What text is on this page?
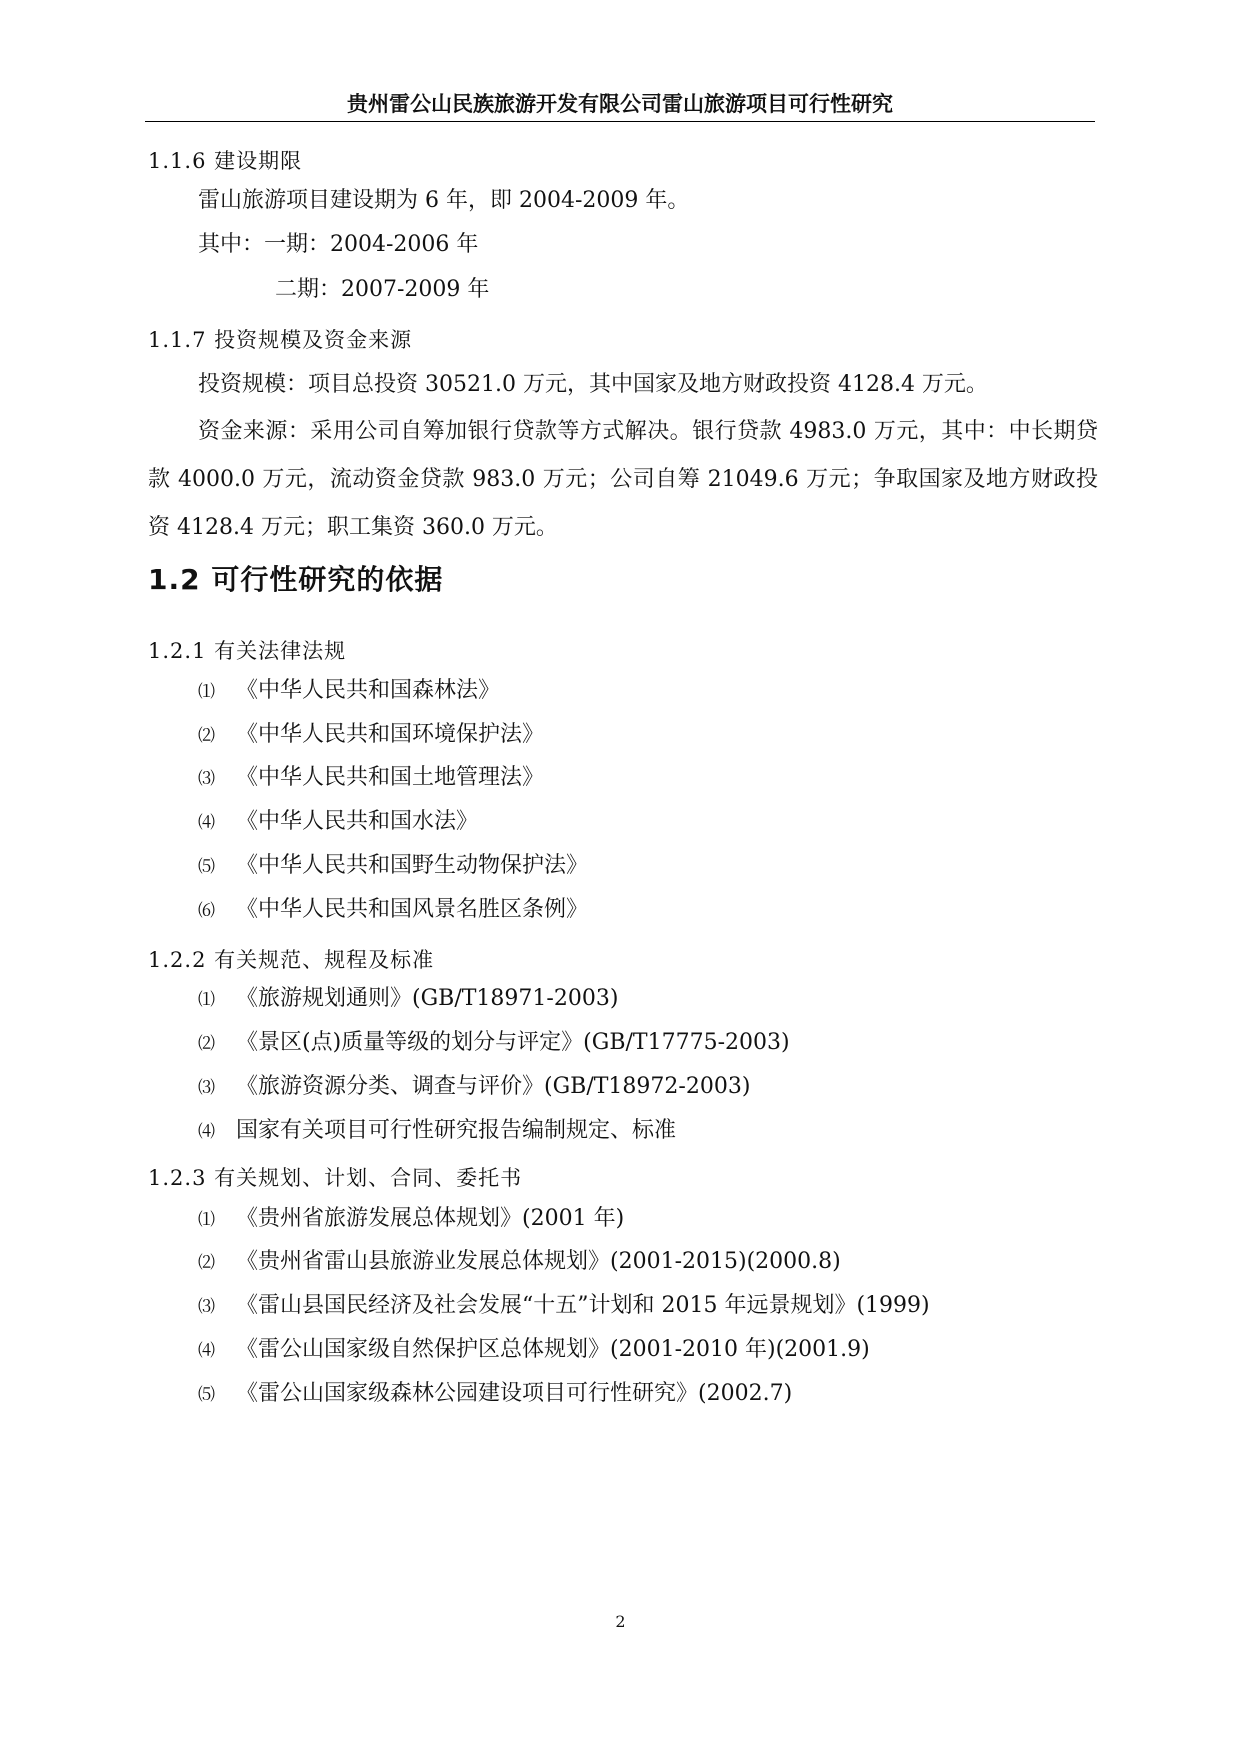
贵州雷公山民族旅游开发有限公司雷山旅游项目可行性研究
1.1.6 建设期限
雷山旅游项目建设期为 6 年，即 2004-2009 年。
其中：一期：2004-2006 年
二期：2007-2009 年
1.1.7 投资规模及资金来源
投资规模：项目总投资 30521.0 万元，其中国家及地方财政投资 4128.4 万元。
资金来源：采用公司自筹加银行贷款等方式解决。银行贷款 4983.0 万元，其中：中长期贷款 4000.0 万元，流动资金贷款 983.0 万元；公司自筹 21049.6 万元；争取国家及地方财政投资 4128.4 万元；职工集资 360.0 万元。
1.2 可行性研究的依据
1.2.1 有关法律法规
⑴ 《中华人民共和国森林法》
⑵ 《中华人民共和国环境保护法》
⑶ 《中华人民共和国土地管理法》
⑷ 《中华人民共和国水法》
⑸ 《中华人民共和国野生动物保护法》
⑹ 《中华人民共和国风景名胜区条例》
1.2.2 有关规范、规程及标准
⑴ 《旅游规划通则》(GB/T18971-2003)
⑵ 《景区(点)质量等级的划分与评定》(GB/T17775-2003)
⑶ 《旅游资源分类、调查与评价》(GB/T18972-2003)
⑷ 国家有关项目可行性研究报告编制规定、标准
1.2.3 有关规划、计划、合同、委托书
⑴ 《贵州省旅游发展总体规划》(2001 年)
⑵ 《贵州省雷山县旅游业发展总体规划》(2001-2015)(2000.8)
⑶ 《雷山县国民经济及社会发展“十五”计划和 2015 年远景规划》(1999)
⑷ 《雷公山国家级自然保护区总体规划》(2001-2010 年)(2001.9)
⑸ 《雷公山国家级森林公园建设项目可行性研究》(2002.7)
2
